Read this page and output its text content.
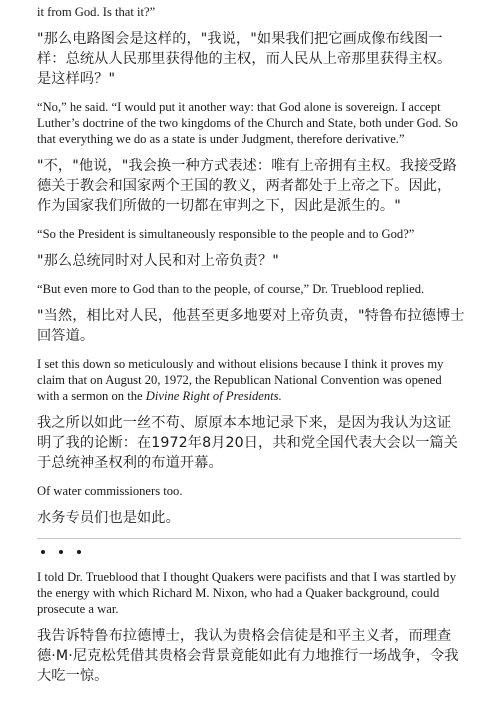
it from God. Is that it?”

"那么电路图会是这样的，"我说，"如果我们把它画成像布线图一样：总统从人民那里获得他的主权，而人民从上帝那里获得主权。是这样吗？"

“No,” he said. “I would put it another way: that God alone is sovereign. I accept Luther’s doctrine of the two kingdoms of the Church and State, both under God. So that everything we do as a state is under Judgment, therefore derivative.”

"不，"他说，"我会换一种方式表述：唯有上帝拥有主权。我接受路德关于教会和国家两个王国的教义，两者都处于上帝之下。因此，作为国家我们所做的一切都在审判之下，因此是派生的。"

“So the President is simultaneously responsible to the people and to God?”

"那么总统同时对人民和对上帝负责？"

“But even more to God than to the people, of course,” Dr. Trueblood replied.

"当然，相比对人民，他甚至更多地要对上帝负责，"特鲁布拉德博士回答道。

I set this down so meticulously and without elisions because I think it proves my claim that on August 20, 1972, the Republican National Convention was opened with a sermon on the Divine Right of Presidents.

我之所以如此一丝不苟、原原本本地记录下来，是因为我认为这证明了我的论断：在1972年8月20日，共和党全国代表大会以一篇关于总统神圣权利的布道开幕。

Of water commissioners too.

水务专员们也是如此。

I told Dr. Trueblood that I thought Quakers were pacifists and that I was startled by the energy with which Richard M. Nixon, who had a Quaker background, could prosecute a war.

我告诉特鲁布拉德博士，我认为贵格会信徒是和平主义者，而理查德·M·尼克松凭借其贵格会背景竟能如此有力地推行一场战争，令我大吃一惊。
